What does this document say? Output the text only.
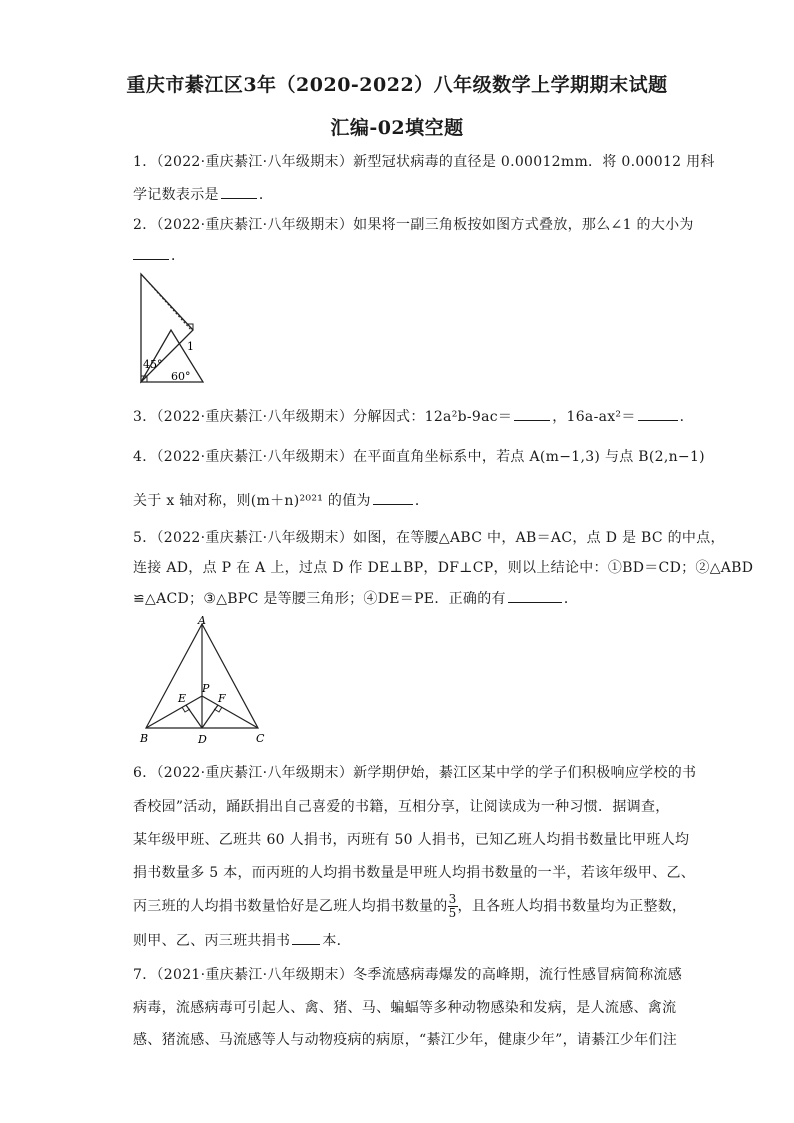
重庆市綦江区3年（2020-2022）八年级数学上学期期末试题
汇编-02填空题
1．（2022·重庆綦江·八年级期末）新型冠状病毒的直径是 0.00012mm．将 0.00012 用科
学记数表示是	．
2．（2022·重庆綦江·八年级期末）如果将一副三角板按如图方式叠放，那么∠1 的大小为
．
45°
60°
1
3．（2022·重庆綦江·八年级期末）分解因式：12a²b-9ac＝	，16a-ax²＝	．
4．（2022·重庆綦江·八年级期末）在平面直角坐标系中，若点 A(m−1,3) 与点 B(2,n−1)
关于 x 轴对称，则(m＋n)²⁰²¹ 的值为	．
5．（2022·重庆綦江·八年级期末）如图，在等腰△ABC 中，AB＝AC，点 D 是 BC 的中点，
连接 AD，点 P 在 A 上，过点 D 作 DE⊥BP，DF⊥CP，则以上结论中：①BD＝CD；②△ABD
≌△ACD；③△BPC 是等腰三角形；④DE＝PE．正确的有	．
A
B	C
D
P
E	F
6．（2022·重庆綦江·八年级期末）新学期伊始，綦江区某中学的学子们积极响应学校的书
香校园”活动，踊跃捐出自己喜爱的书籍，互相分享，让阅读成为一种习惯．据调查，
某年级甲班、乙班共 60 人捐书，丙班有 50 人捐书，已知乙班人均捐书数量比甲班人均
捐书数量多 5 本，而丙班的人均捐书数量是甲班人均捐书数量的一半，若该年级甲、乙、
丙三班的人均捐书数量恰好是乙班人均捐书数量的 $\frac{3}{5}$ ，且各班人均捐书数量均为正整数，
则甲、乙、丙三班共捐书 本．
7．（2021·重庆綦江·八年级期末）冬季流感病毒爆发的高峰期，流行性感冒病简称流感
病毒，流感病毒可引起人、禽、猪、马、蝙蝠等多种动物感染和发病，是人流感、禽流
感、猪流感、马流感等人与动物疫病的病原，“綦江少年，健康少年”，请綦江少年们注
